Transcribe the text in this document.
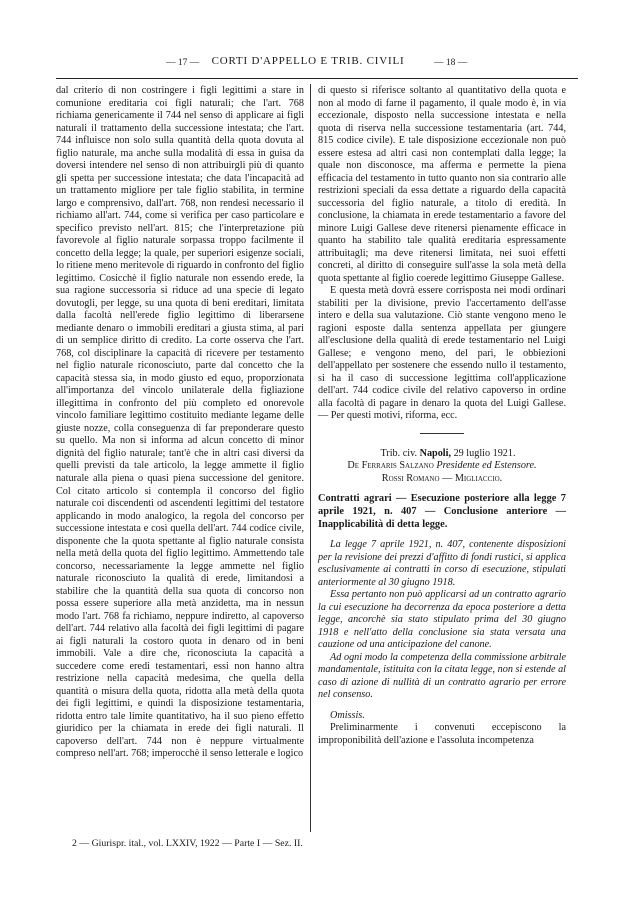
— 17 —	CORTI D'APPELLO E TRIB. CIVILI	— 18 —

dal criterio di non costringere i figli legittimi a stare in comunione ereditaria coi figli naturali; che l'art. 768 richiama genericamente il 744 nel senso di applicare ai figli naturali il trattamento della successione intestata; che l'art. 744 influisce non solo sulla quantità della quota dovuta al figlio naturale, ma anche sulla modalità di essa in guisa da doversi intendere nel senso di non attribuirgli più di quanto gli spetta per successione intestata; che data l'incapacità ad un trattamento migliore per tale figlio stabilita, in termine largo e comprensivo, dall'art. 768, non rendesi necessario il richiamo all'art. 744, come si verifica per caso particolare e specifico previsto nell'art. 815; che l'interpretazione più favorevole al figlio naturale sorpassa troppo facilmente il concetto della legge; la quale, per superiori esigenze sociali, lo ritiene meno meritevole di riguardo in confronto del figlio legittimo. Cosicchè il figlio naturale non essendo erede, la sua ragione successoria si riduce ad una specie di legato dovutogli, per legge, su una quota di beni ereditari, limitata dalla facoltà nell'erede figlio legittimo di liberarsene mediante denaro o immobili ereditari a giusta stima, al pari di un semplice diritto di credito. La corte osserva che l'art. 768, col disciplinare la capacità di ricevere per testamento nel figlio naturale riconosciuto, parte dal concetto che la capacità stessa sia, in modo giusto ed equo, proporzionata all'importanza del vincolo unilaterale della figliazione illegittima in confronto del più completo ed onorevole vincolo familiare legittimo costituito mediante legame delle giuste nozze, colla conseguenza di far preponderare questo su quello. Ma non si informa ad alcun concetto di minor dignità del figlio naturale; tant'è che in altri casi diversi da quelli previsti da tale articolo, la legge ammette il figlio naturale alla piena o quasi piena successione del genitore. Col citato articolo si contempla il concorso del figlio naturale coi discendenti od ascendenti legittimi del testatore applicando in modo analogico, la regola del concorso per successione intestata e così quella dell'art. 744 codice civile, disponente che la quota spettante al figlio naturale consista nella metà della quota del figlio legittimo. Ammettendo tale concorso, necessariamente la legge ammette nel figlio naturale riconosciuto la qualità di erede, limitandosi a stabilire che la quantità della sua quota di concorso non possa essere superiore alla metà anzidetta, ma in nessun modo l'art. 768 fa richiamo, neppure indiretto, al capoverso dell'art. 744 relativo alla facoltà dei figli legittimi di pagare ai figli naturali la costoro quota in denaro od in beni immobili. Vale a dire che, riconosciuta la capacità a succedere come eredi testamentari, essi non hanno altra restrizione nella capacità medesima, che quella della quantità o misura della quota, ridotta alla metà della quota dei figli legittimi, e quindi la disposizione testamentaria, ridotta entro tale limite quantitativo, ha il suo pieno effetto giuridico per la chiamata in erede dei figli naturali. Il capoverso dell'art. 744 non è neppure virtualmente compreso nell'art. 768; imperocchè il senso letterale e logico

di questo si riferisce soltanto al quantitativo della quota e non al modo di farne il pagamento, il quale modo è, in via eccezionale, disposto nella successione intestata e nella quota di riserva nella successione testamentaria (art. 744, 815 codice civile). E tale disposizione eccezionale non può essere estesa ad altri casi non contemplati dalla legge; la quale non disconosce, ma afferma e permette la piena efficacia del testamento in tutto quanto non sia contrario alle restrizioni speciali da essa dettate a riguardo della capacità successoria del figlio naturale, a titolo di eredità. In conclusione, la chiamata in erede testamentario a favore del minore Luigi Gallese deve ritenersi pienamente efficace in quanto ha stabilito tale qualità ereditaria espressamente attribuitagli; ma deve ritenersi limitata, nei suoi effetti concreti, al diritto di conseguire sull'asse la sola metà della quota spettante al figlio coerede legittimo Giuseppe Gallese.

E questa metà dovrà essere corrisposta nei modi ordinari stabiliti per la divisione, previo l'accertamento dell'asse intero e della sua valutazione. Ciò stante vengono meno le ragioni esposte dalla sentenza appellata per giungere all'esclusione della qualità di erede testamentario nel Luigi Gallese; e vengono meno, del pari, le obbiezioni dell'appellato per sostenere che essendo nullo il testamento, si ha il caso di successione legittima coll'applicazione dell'art. 744 codice civile del relativo capoverso in ordine alla facoltà di pagare in denaro la quota del Luigi Gallese. — Per questi motivi, riforma, ecc.

Trib. civ. Napoli, 29 luglio 1921.

De Ferraris Salzano Presidente ed Estensore.

Rossi Romano — Migliaccio.

Contratti agrari — Esecuzione posteriore alla legge 7 aprile 1921, n. 407 — Conclusione anteriore — Inapplicabilità di detta legge.

La legge 7 aprile 1921, n. 407, contenente disposizioni per la revisione dei prezzi d'affitto di fondi rustici, si applica esclusivamente ai contratti in corso di esecuzione, stipulati anteriormente al 30 giugno 1918.

Essa pertanto non può applicarsi ad un contratto agrario la cui esecuzione ha decorrenza da epoca posteriore a detta legge, ancorchè sia stato stipulato prima del 30 giugno 1918 e nell'atto della conclusione sia stata versata una cauzione od una anticipazione del canone.

Ad ogni modo la competenza della commissione arbitrale mandamentale, istituita con la citata legge, non si estende al caso di azione di nullità di un contratto agrario per errore nel consenso.

Omissis.

Preliminarmente i convenuti eccepiscono la improponibilità dell'azione e l'assoluta incompetenza

2 — Giurispr. ital., vol. LXXIV, 1922 — Parte I — Sez. II.
